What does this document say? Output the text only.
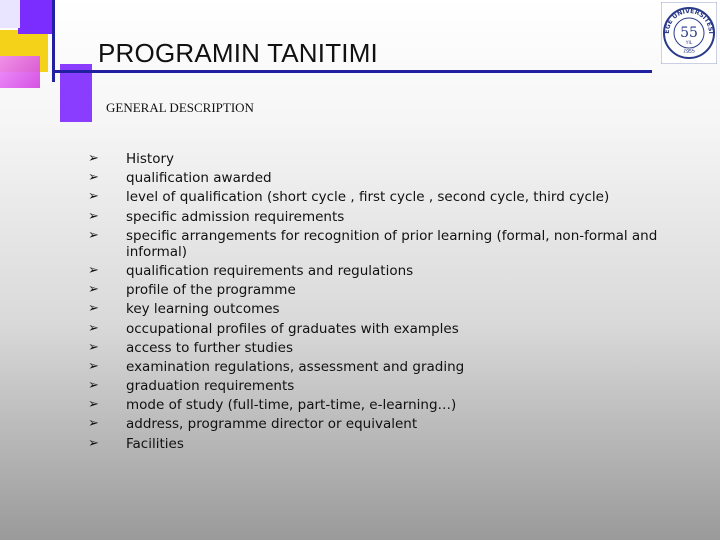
PROGRAMIN TANITIMI

GENERAL DESCRIPTION

EGE ÜNİVERSİTESİ
1955
55
YIL
➢	History
➢	qualification awarded
➢	level of qualification (short cycle , first cycle , second cycle, third cycle)
➢	specific admission requirements
➢	specific arrangements for recognition of prior learning (formal, non-formal and informal)
➢	qualification requirements and regulations
➢	profile of the programme
➢	key learning outcomes
➢	occupational profiles of graduates with examples
➢	access to further studies
➢	examination regulations, assessment and grading
➢	graduation requirements
➢	mode of study (full-time, part-time, e-learning…)
➢	address, programme director or equivalent
➢	Facilities
